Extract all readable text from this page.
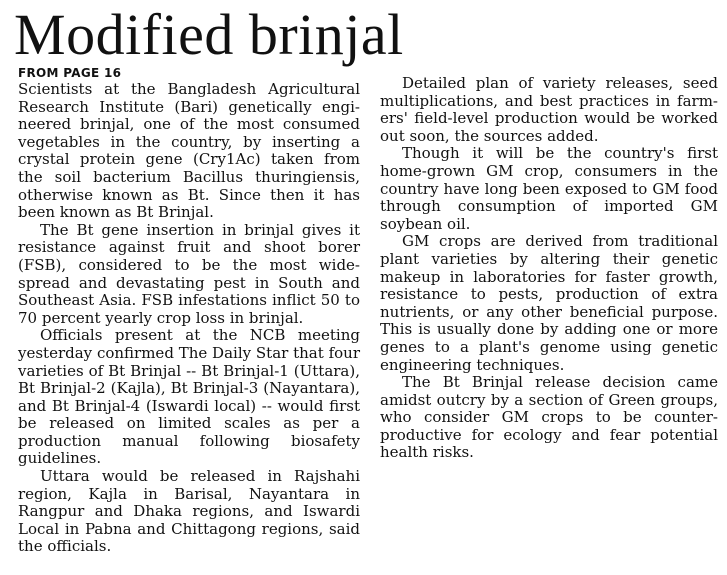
Modified brinjal
FROM PAGE 16

Scientists at the Bangladesh Agricultural Research Institute (Bari) genetically engineered brinjal, one of the most consumed vegetables in the country, by inserting a crystal protein gene (Cry1Ac) taken from the soil bacterium Bacillus thuringiensis, otherwise known as Bt. Since then it has been known as Bt Brinjal.

The Bt gene insertion in brinjal gives it resistance against fruit and shoot borer (FSB), considered to be the most widespread and devastating pest in South and Southeast Asia. FSB infestations inflict 50 to 70 percent yearly crop loss in brinjal.

Officials present at the NCB meeting yesterday confirmed The Daily Star that four varieties of Bt Brinjal -- Bt Brinjal-1 (Uttara), Bt Brinjal-2 (Kajla), Bt Brinjal-3 (Nayantara), and Bt Brinjal-4 (Iswardi local) -- would first be released on limited scales as per a production manual following biosafety guidelines.

Uttara would be released in Rajshahi region, Kajla in Barisal, Nayantara in Rangpur and Dhaka regions, and Iswardi Local in Pabna and Chittagong regions, said the officials.

Detailed plan of variety releases, seed multiplications, and best practices in farmers' field-level production would be worked out soon, the sources added.

Though it will be the country's first home-grown GM crop, consumers in the country have long been exposed to GM food through consumption of imported GM soybean oil.

GM crops are derived from traditional plant varieties by altering their genetic makeup in laboratories for faster growth, resistance to pests, production of extra nutrients, or any other beneficial purpose. This is usually done by adding one or more genes to a plant's genome using genetic engineering techniques.

The Bt Brinjal release decision came amidst outcry by a section of Green groups, who consider GM crops to be counterproductive for ecology and fear potential health risks.
